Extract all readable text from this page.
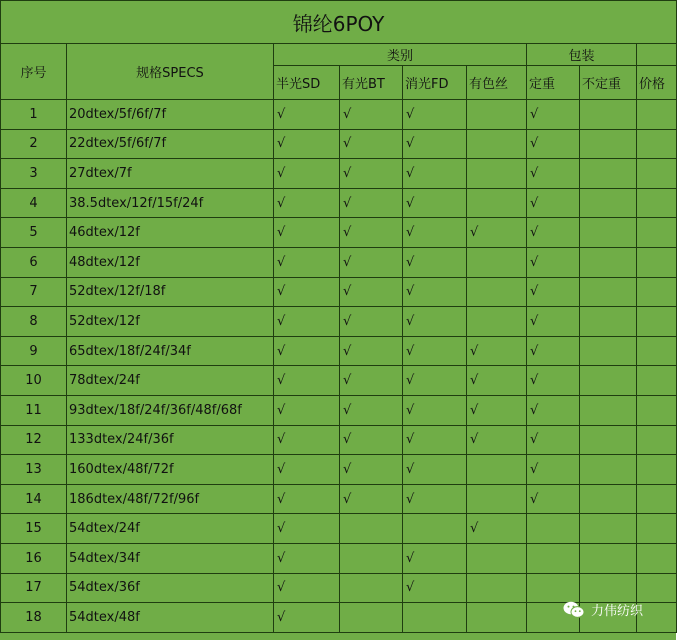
锦纶6POY								
序号	规格SPECS	类别				包装		
		半光SD	有光BT	消光FD	有色丝	定重	不定重	价格
1	20dtex/5f/6f/7f	√	√	√		√		
2	22dtex/5f/6f/7f	√	√	√		√		
3	27dtex/7f	√	√	√		√		
4	38.5dtex/12f/15f/24f	√	√	√		√		
5	46dtex/12f	√	√	√	√	√		
6	48dtex/12f	√	√	√		√		
7	52dtex/12f/18f	√	√	√		√		
8	52dtex/12f	√	√	√		√		
9	65dtex/18f/24f/34f	√	√	√	√	√		
10	78dtex/24f	√	√	√	√	√		
11	93dtex/18f/24f/36f/48f/68f	√	√	√	√	√		
12	133dtex/24f/36f	√	√	√	√	√		
13	160dtex/48f/72f	√	√	√		√		
14	186dtex/48f/72f/96f	√	√	√		√		
15	54dtex/24f	√			√			
16	54dtex/34f	√		√				
17	54dtex/36f	√		√				
18	54dtex/48f	√							力伟纺织
